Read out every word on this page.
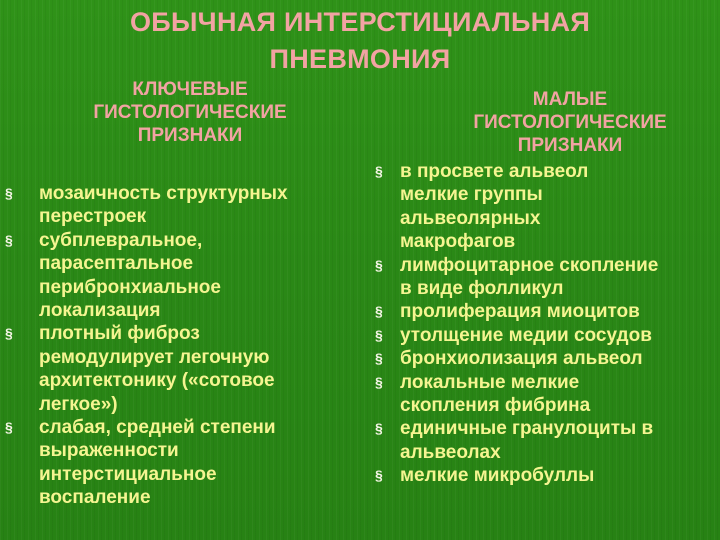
ОБЫЧНАЯ ИНТЕРСТИЦИАЛЬНАЯ
ПНЕВМОНИЯ
КЛЮЧЕВЫЕ
ГИСТОЛОГИЧЕСКИЕ
ПРИЗНАКИ
МАЛЫЕ
ГИСТОЛОГИЧЕСКИЕ
ПРИЗНАКИ
§	мозаичность структурных
перестроек
§	субплевральное,
парасептальное
перибронхиальное
локализация
§	плотный фиброз
ремодулирует легочную
архитектонику («сотовое
легкое»)
§	слабая, средней степени
выраженности
интерстициальное
воспаление
§ в просвете альвеол
мелкие группы
альвеолярных
макрофагов
§ лимфоцитарное скопление
в виде фолликул
§ пролиферация миоцитов
§ утолщение медии сосудов
§ бронхиолизация альвеол
§ локальные мелкие
скопления фибрина
§ единичные гранулоциты в
альвеолах
§ мелкие микробуллы
